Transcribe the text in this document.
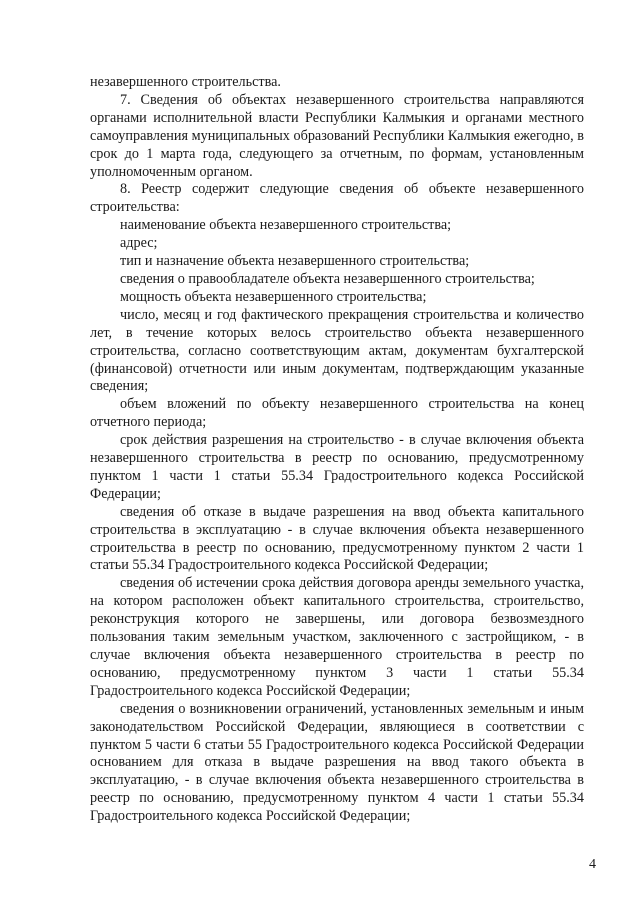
незавершенного строительства.

7. Сведения об объектах незавершенного строительства направляются органами исполнительной власти Республики Калмыкия и органами местного самоуправления муниципальных образований Республики Калмыкия ежегодно, в срок до 1 марта года, следующего за отчетным, по формам, установленным уполномоченным органом.

8. Реестр содержит следующие сведения об объекте незавершенного строительства:

наименование объекта незавершенного строительства;

адрес;

тип и назначение объекта незавершенного строительства;

сведения о правообладателе объекта незавершенного строительства;

мощность объекта незавершенного строительства;

число, месяц и год фактического прекращения строительства и количество лет, в течение которых велось строительство объекта незавершенного строительства, согласно соответствующим актам, документам бухгалтерской (финансовой) отчетности или иным документам, подтверждающим указанные сведения;

объем вложений по объекту незавершенного строительства на конец отчетного периода;

срок действия разрешения на строительство - в случае включения объекта незавершенного строительства в реестр по основанию, предусмотренному пунктом 1 части 1 статьи 55.34 Градостроительного кодекса Российской Федерации;

сведения об отказе в выдаче разрешения на ввод объекта капитального строительства в эксплуатацию - в случае включения объекта незавершенного строительства в реестр по основанию, предусмотренному пунктом 2 части 1 статьи 55.34 Градостроительного кодекса Российской Федерации;

сведения об истечении срока действия договора аренды земельного участка, на котором расположен объект капитального строительства, строительство, реконструкция которого не завершены, или договора безвозмездного пользования таким земельным участком, заключенного с застройщиком, - в случае включения объекта незавершенного строительства в реестр по основанию, предусмотренному пунктом 3 части 1 статьи 55.34 Градостроительного кодекса Российской Федерации;

сведения о возникновении ограничений, установленных земельным и иным законодательством Российской Федерации, являющиеся в соответствии с пунктом 5 части 6 статьи 55 Градостроительного кодекса Российской Федерации основанием для отказа в выдаче разрешения на ввод такого объекта в эксплуатацию, - в случае включения объекта незавершенного строительства в реестр по основанию, предусмотренному пунктом 4 части 1 статьи 55.34 Градостроительного кодекса Российской Федерации;

4
